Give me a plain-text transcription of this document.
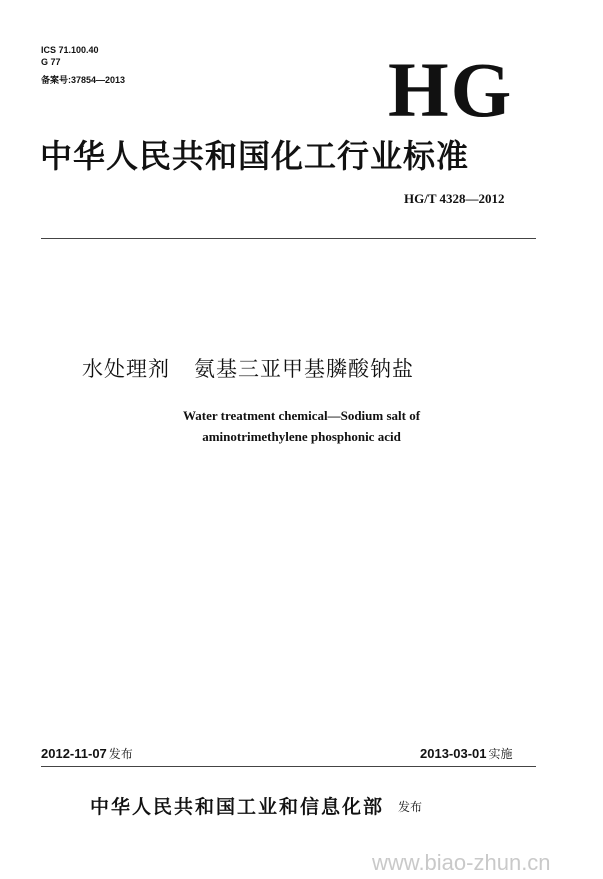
ICS 71.100.40
G 77
备案号:37854—2013	HG
中华人民共和国化工行业标准
HG/T 4328—2012
水处理剂 氨基三亚甲基膦酸钠盐
Water treatment chemical—Sodium salt of
aminotrimethylene phosphonic acid
2012-11-07 发布	2013-03-01 实施
中华人民共和国工业和信息化部 发布
www.biao-zhun.cn
